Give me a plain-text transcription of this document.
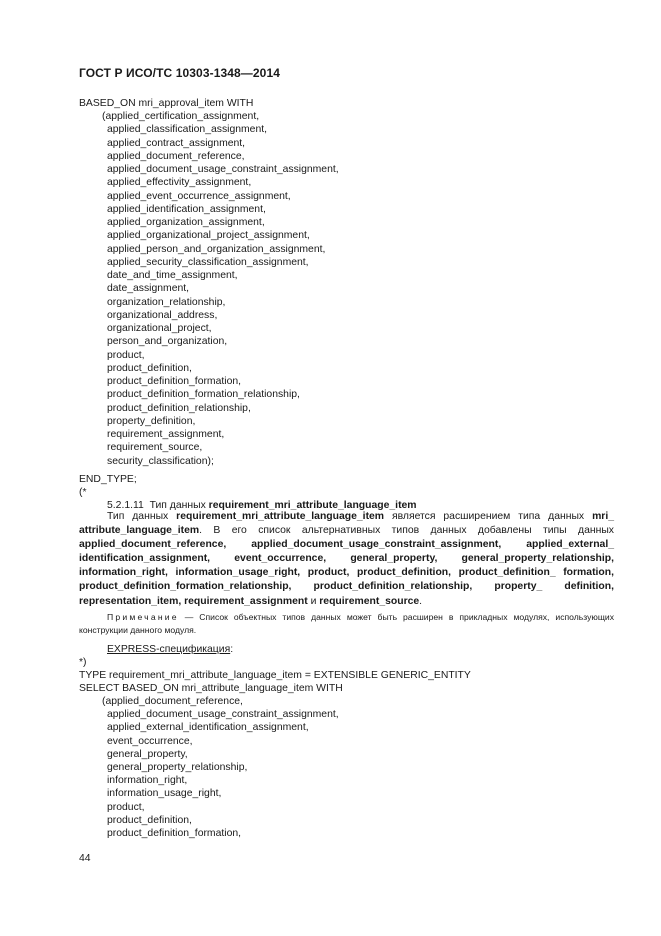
ГОСТ Р ИСО/ТС 10303-1348—2014
BASED_ON mri_approval_item WITH
(applied_certification_assignment,
applied_classification_assignment,
applied_contract_assignment,
applied_document_reference,
applied_document_usage_constraint_assignment,
applied_effectivity_assignment,
applied_event_occurrence_assignment,
applied_identification_assignment,
applied_organization_assignment,
applied_organizational_project_assignment,
applied_person_and_organization_assignment,
applied_security_classification_assignment,
date_and_time_assignment,
date_assignment,
organization_relationship,
organizational_address,
organizational_project,
person_and_organization,
product,
product_definition,
product_definition_formation,
product_definition_formation_relationship,
product_definition_relationship,
property_definition,
requirement_assignment,
requirement_source,
security_classification);
END_TYPE;
(*
5.2.1.11 Тип данных requirement_mri_attribute_language_item
Тип данных requirement_mri_attribute_language_item является расширением типа данных mri_ attribute_language_item. В его список альтернативных типов данных добавлены типы данных applied_document_reference, applied_document_usage_constraint_assignment, applied_external_ identification_assignment, event_occurrence, general_property, general_property_relationship, information_right, information_usage_right, product, product_definition, product_definition_ formation, product_definition_formation_relationship, product_definition_relationship, property_ definition, representation_item, requirement_assignment и requirement_source.
Примечание — Список объектных типов данных может быть расширен в прикладных модулях, использующих конструкции данного модуля.
EXPRESS-спецификация:
*)
TYPE requirement_mri_attribute_language_item = EXTENSIBLE GENERIC_ENTITY
SELECT BASED_ON mri_attribute_language_item WITH
(applied_document_reference,
applied_document_usage_constraint_assignment,
applied_external_identification_assignment,
event_occurrence,
general_property,
general_property_relationship,
information_right,
information_usage_right,
product,
product_definition,
product_definition_formation,
44
